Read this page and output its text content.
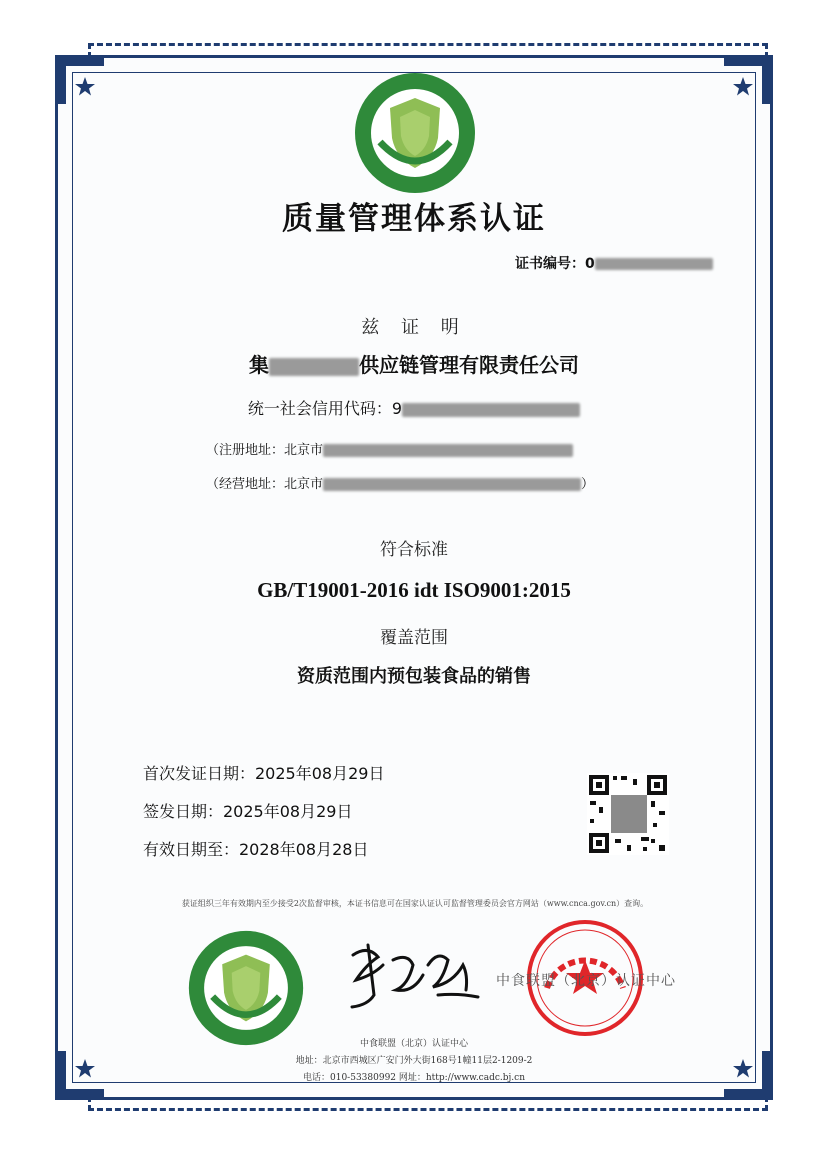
质量管理体系认证
证书编号：0
兹 证 明
集	供应链管理有限责任公司
统一社会信用代码：9
（注册地址：北京市
（经营地址：北京市	）
符合标准
GB/T19001-2016 idt ISO9001:2015
覆盖范围
资质范围内预包装食品的销售
首次发证日期：2025年08月29日
签发日期：2025年08月29日
有效日期至：2028年08月28日
获证组织三年有效期内至少接受2次监督审核，本证书信息可在国家认证认可监督管理委员会官方网站（www.cnca.gov.cn）查询。
中食联盟（北京）认证中心
中食联盟（北京）认证中心
地址：北京市西城区广安门外大街168号1幢11层2-1209-2
电话：010-53380992 网址：http://www.cadc.bj.cn
